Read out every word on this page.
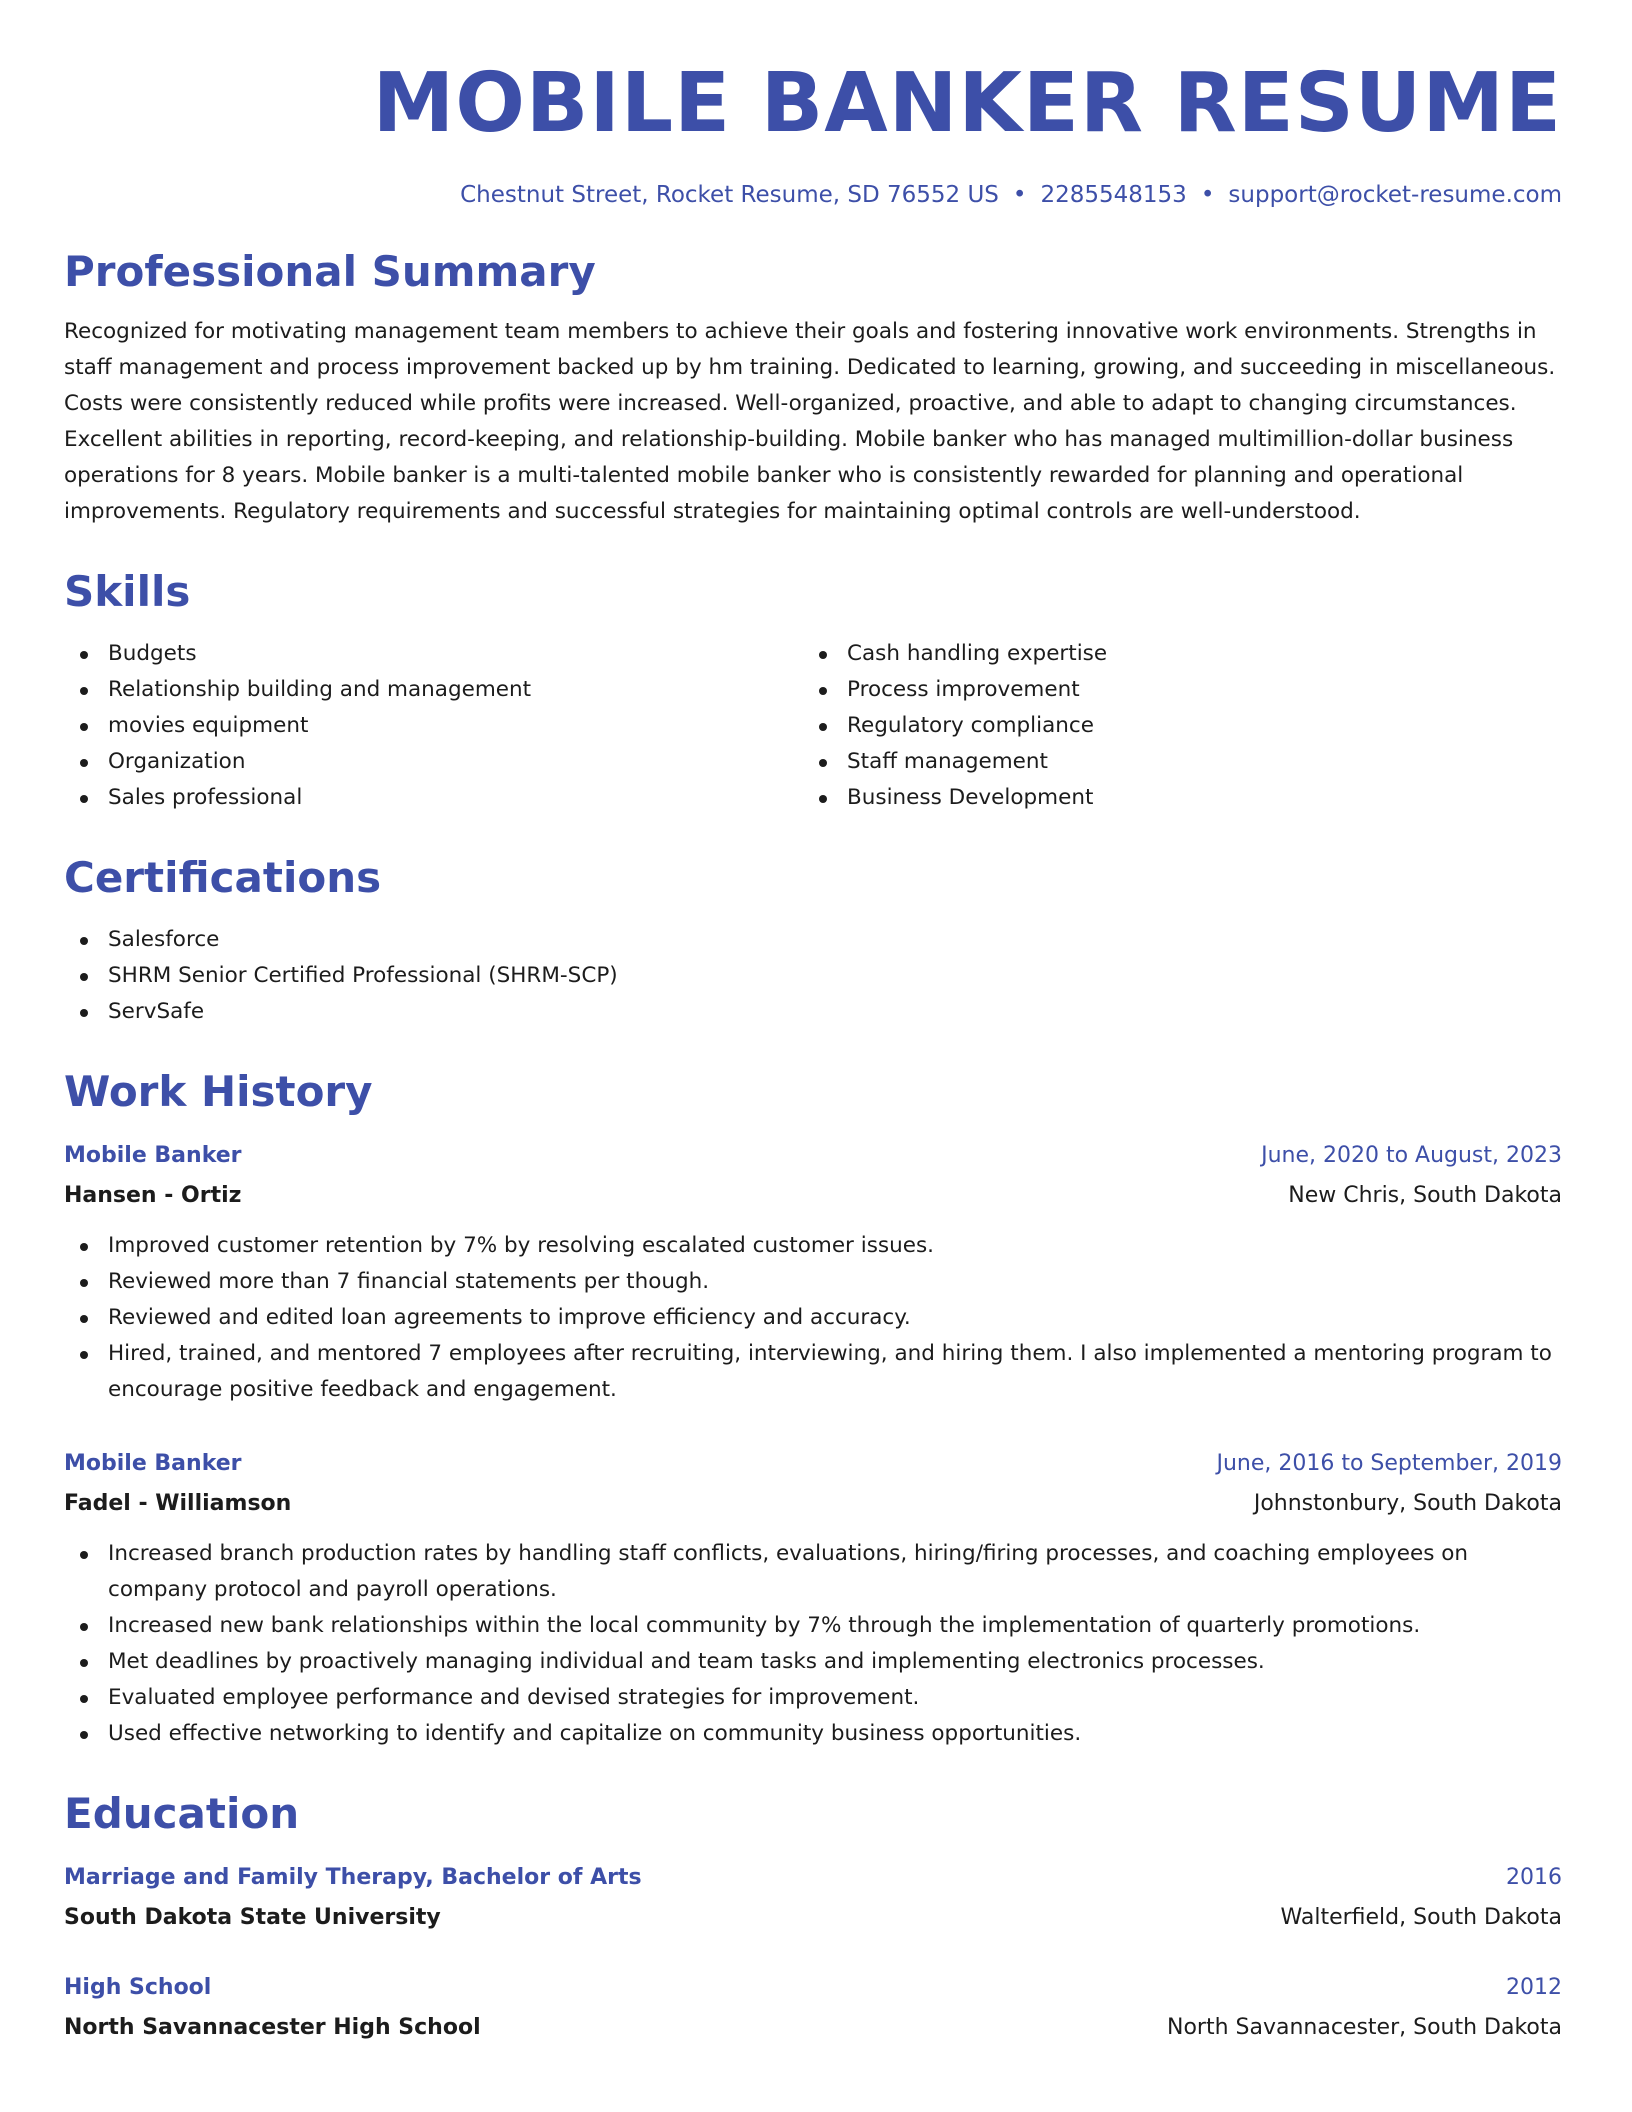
MOBILE BANKER RESUME
Chestnut Street, Rocket Resume, SD 76552 US • 2285548153 • support@rocket-resume.com
Professional Summary

Recognized for motivating management team members to achieve their goals and fostering innovative work environments. Strengths in staff management and process improvement backed up by hm training. Dedicated to learning, growing, and succeeding in miscellaneous. Costs were consistently reduced while profits were increased. Well-organized, proactive, and able to adapt to changing circumstances. Excellent abilities in reporting, record-keeping, and relationship-building. Mobile banker who has managed multimillion-dollar business operations for 8 years. Mobile banker is a multi-talented mobile banker who is consistently rewarded for planning and operational improvements. Regulatory requirements and successful strategies for maintaining optimal controls are well-understood.

Skills
Budgets
Relationship building and management
movies equipment
Organization
Sales professional
Cash handling expertise
Process improvement
Regulatory compliance
Staff management
Business Development
Certifications
Salesforce
SHRM Senior Certified Professional (SHRM-SCP)
ServSafe
Work History
Mobile Banker	June, 2020 to August, 2023
Hansen - Ortiz	New Chris, South Dakota
Improved customer retention by 7% by resolving escalated customer issues.
Reviewed more than 7 financial statements per though.
Reviewed and edited loan agreements to improve efficiency and accuracy.
Hired, trained, and mentored 7 employees after recruiting, interviewing, and hiring them. I also implemented a mentoring program to encourage positive feedback and engagement.
Mobile Banker	June, 2016 to September, 2019
Fadel - Williamson	Johnstonbury, South Dakota
Increased branch production rates by handling staff conflicts, evaluations, hiring/firing processes, and coaching employees on company protocol and payroll operations.
Increased new bank relationships within the local community by 7% through the implementation of quarterly promotions.
Met deadlines by proactively managing individual and team tasks and implementing electronics processes.
Evaluated employee performance and devised strategies for improvement.
Used effective networking to identify and capitalize on community business opportunities.
Education
Marriage and Family Therapy, Bachelor of Arts	2016
South Dakota State University	Walterfield, South Dakota
High School	2012
North Savannacester High School	North Savannacester, South Dakota
